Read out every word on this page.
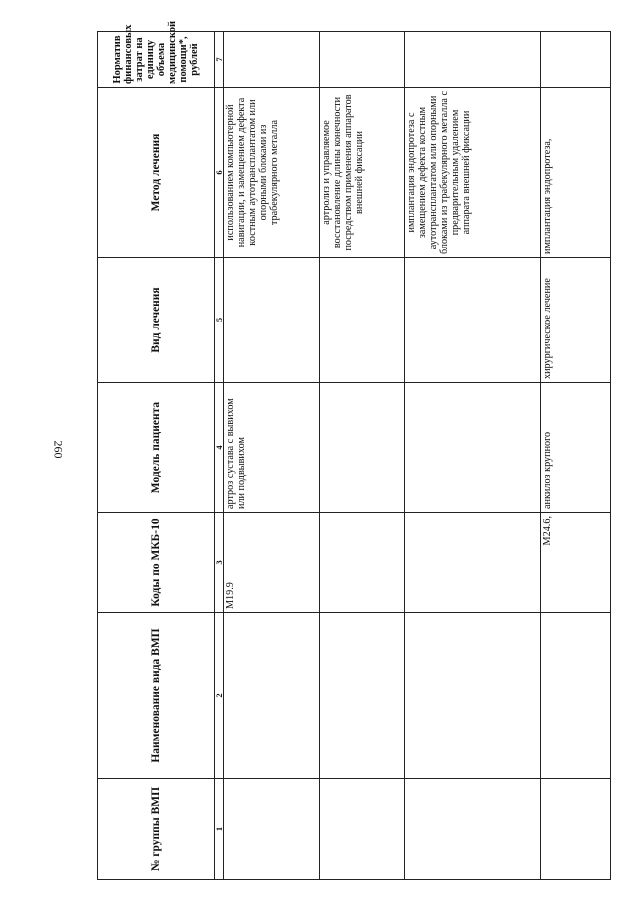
260
№ группы ВМП	Наименование вида ВМП	Коды по МКБ-10	Модель пациента	Вид лечения	Метод лечения	Норматив финансовых затрат на единицу объема медицинской помощи*, рублей
1	2	3	4	5	6	7
		M19.9	артроз сустава с вывихом или подвывихом		использованием компьютерной навигации, и замещением дефекта костным аутотрансплантатом или опорными блоками из трабекулярного металла	
					артролиз и управляемое восстановление длины конечности посредством применения аппаратов внешней фиксации	
					имплантация эндопротеза с замещением дефекта костным аутотрансплантатом или опорными блоками из трабекулярного металла с предварительным удалением аппарата внешней фиксации	
		M24.6,	анкилоз крупного	хирургическое лечение	имплантация эндопротеза,	
